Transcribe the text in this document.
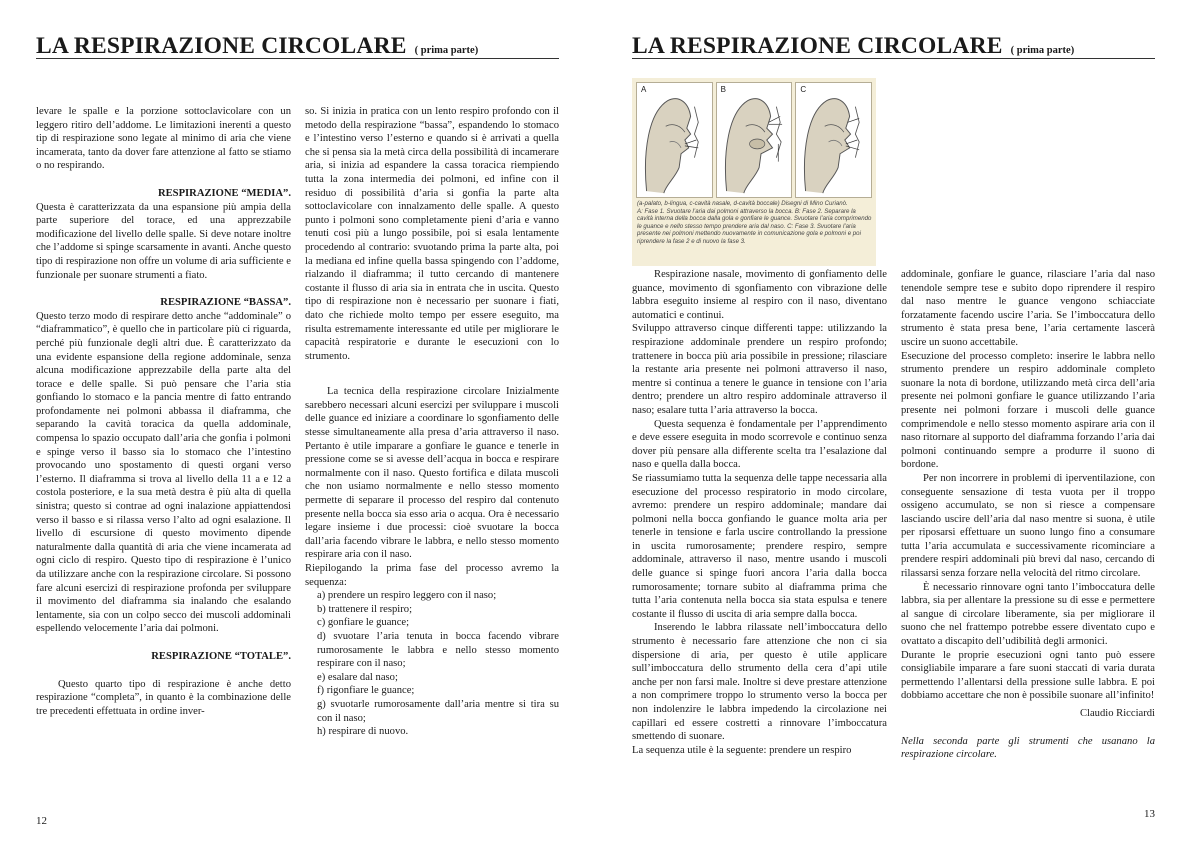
LA RESPIRAZIONE CIRCOLARE ( prima parte)

levare le spalle e la porzione sottoclavicolare con un leggero ritiro dell’addome. Le limitazioni inerenti a questo tip di respirazione sono legate al minimo di aria che viene incamerata, tanto da dover fare attenzione al fatto se stiamo o no respirando.

RESPIRAZIONE “MEDIA”.

Questa è caratterizzata da una espansione più ampia della parte superiore del torace, ed una apprezzabile modificazione del livello delle spalle. Si deve notare inoltre che l’addome si spinge scarsamente in avanti. Anche questo tipo di respirazione non offre un volume di aria sufficiente e funzionale per suonare strumenti a fiato.

RESPIRAZIONE “BASSA”.

Questo terzo modo di respirare detto anche “addominale” o “diaframmatico”, è quello che in particolare più ci riguarda, perché più funzionale degli altri due. È caratterizzato da una evidente espansione della regione addominale, senza alcuna modificazione apprezzabile della parte alta del torace e delle spalle. Si può pensare che l’aria stia gonfiando lo stomaco e la pancia mentre di fatto entrando profondamente nei polmoni abbassa il diaframma, che separando la cavità toracica da quella addominale, compensa lo spazio occupato dall’aria che gonfia i polmoni e spinge verso il basso sia lo stomaco che l’intestino provocando uno spostamento di questi organi verso l’esterno. Il diaframma si trova al livello della 11 a e 12 a costola posteriore, e la sua metà destra è più alta di quella sinistra; questo si contrae ad ogni inalazione appiattendosi verso il basso e si rilassa verso l’alto ad ogni esalazione. Il livello di escursione di questo movimento dipende naturalmente dalla quantità di aria che viene incamerata ad ogni ciclo di respiro. Questo tipo di respirazione è l’unico da utilizzare anche con la respirazione circolare. Si possono fare alcuni esercizi di respirazione profonda per sviluppare il movimento del diaframma sia inalando che esalando lentamente, sia con un colpo secco dei muscoli addominali espellendo velocemente l’aria dai polmoni.

RESPIRAZIONE “TOTALE”.

Questo quarto tipo di respirazione è anche detto respirazione “completa”, in quanto è la combinazione delle tre precedenti effettuata in ordine inver-

so. Si inizia in pratica con un lento respiro profondo con il metodo della respirazione “bassa”, espandendo lo stomaco e l’intestino verso l’esterno e quando si è arrivati a quella che si pensa sia la metà circa della possibilità di incamerare aria, si inizia ad espandere la cassa toracica riempiendo tutta la zona intermedia dei polmoni, ed infine con il residuo di possibilità d’aria si gonfia la parte alta sottoclavicolare con innalzamento delle spalle. A questo punto i polmoni sono completamente pieni d’aria e vanno tenuti così più a lungo possibile, poi si esala lentamente procedendo al contrario: svuotando prima la parte alta, poi la mediana ed infine quella bassa spingendo con l’addome, rialzando il diaframma; il tutto cercando di mantenere costante il flusso di aria sia in entrata che in uscita. Questo tipo di respirazione non è necessario per suonare i fiati, dato che richiede molto tempo per essere eseguito, ma risulta estremamente interessante ed utile per migliorare le capacità respiratorie e durante le esecuzioni con lo strumento.

La tecnica della respirazione circolare Inizialmente sarebbero necessari alcuni esercizi per sviluppare i muscoli delle guance ed iniziare a coordinare lo sgonfiamento delle stesse simultaneamente alla presa d’aria attraverso il naso. Pertanto è utile imparare a gonfiare le guance e tenerle in pressione come se si avesse dell’acqua in bocca e respirare normalmente con il naso. Questo fortifica e dilata muscoli che non usiamo normalmente e nello stesso momento permette di separare il processo del respiro dal contenuto presente nella bocca sia esso aria o acqua. Ora è necessario legare insieme i due processi: cioè svuotare la bocca dall’aria facendo vibrare le labbra, e nello stesso momento respirare aria con il naso.

Riepilogando la prima fase del processo avremo la sequenza:

a) prendere un respiro leggero con il naso;

b) trattenere il respiro;

c) gonfiare le guance;

d) svuotare l’aria tenuta in bocca facendo vibrare rumorosamente le labbra e nello stesso momento respirare con il naso;

e) esalare dal naso;

f) rigonfiare le guance;

g) svuotarle rumorosamente dall’aria mentre si tira su con il naso;

h) respirare di nuovo.

12
LA RESPIRAZIONE CIRCOLARE ( prima parte)
A	B	C
(a-palato, b-lingua, c-cavità nasale, d-cavità boccale) Disegni di Mino Curianò.
A: Fase 1. Svuotare l’aria dai polmoni attraverso la bocca. B: Fase 2. Separare la cavità interna della bocca dalla gola e gonfiare le guance. Svuotare l’aria comprimendo le guance e nello stesso tempo prendere aria dal naso. C: Fase 3. Svuotare l’aria presente nei polmoni mettendo nuovamente in comunicazione gola e polmoni e poi riprendere la fase 2 e di nuovo la fase 3.

Respirazione nasale, movimento di gonfiamento delle guance, movimento di sgonfiamento con vibrazione delle labbra eseguito insieme al respiro con il naso, diventano automatici e continui.

Sviluppo attraverso cinque differenti tappe: utilizzando la respirazione addominale prendere un respiro profondo; trattenere in bocca più aria possibile in pressione; rilasciare la restante aria presente nei polmoni attraverso il naso, mentre si continua a tenere le guance in tensione con l’aria dentro; prendere un altro respiro addominale attraverso il naso; esalare tutta l’aria attraverso la bocca.

Questa sequenza è fondamentale per l’apprendimento e deve essere eseguita in modo scorrevole e continuo senza dover più pensare alla differente scelta tra l’esalazione dal naso e quella dalla bocca.

Se riassumiamo tutta la sequenza delle tappe necessaria alla esecuzione del processo respiratorio in modo circolare, avremo: prendere un respiro addominale; mandare dai polmoni nella bocca gonfiando le guance molta aria per tenerle in tensione e farla uscire controllando la pressione in uscita rumorosamente; prendere respiro, sempre addominale, attraverso il naso, mentre usando i muscoli delle guance si spinge fuori ancora l’aria dalla bocca rumorosamente; tornare subito al diaframma prima che tutta l’aria contenuta nella bocca sia stata espulsa e tenere costante il flusso di uscita di aria sempre dalla bocca.

Inserendo le labbra rilassate nell’imboccatura dello strumento è necessario fare attenzione che non ci sia dispersione di aria, per questo è utile applicare sull’imboccatura dello strumento della cera d’api utile anche per non farsi male. Inoltre si deve prestare attenzione a non comprimere troppo lo strumento verso la bocca per non indolenzire le labbra impedendo la circolazione nei capillari ed essere costretti a rinnovare l’imboccatura smettendo di suonare.

La sequenza utile è la seguente: prendere un respiro

addominale, gonfiare le guance, rilasciare l’aria dal naso tenendole sempre tese e subito dopo riprendere il respiro dal naso mentre le guance vengono schiacciate forzatamente facendo uscire l’aria. Se l’imboccatura dello strumento è stata presa bene, l’aria certamente lascerà uscire un suono accettabile.

Esecuzione del processo completo: inserire le labbra nello strumento prendere un respiro addominale completo suonare la nota di bordone, utilizzando metà circa dell’aria presente nei polmoni gonfiare le guance utilizzando l’aria presente nei polmoni forzare i muscoli delle guance comprimendole e nello stesso momento aspirare aria con il naso ritornare al supporto del diaframma forzando l’aria dai polmoni continuando sempre a produrre il suono di bordone.

Per non incorrere in problemi di iperventilazione, con conseguente sensazione di testa vuota per il troppo ossigeno accumulato, se non si riesce a compensare lasciando uscire dell’aria dal naso mentre si suona, è utile per riposarsi effettuare un suono lungo fino a consumare tutta l’aria accumulata e successivamente ricominciare a prendere respiri addominali più brevi dal naso, cercando di rilassarsi senza forzare nella velocità del ritmo circolare.

È necessario rinnovare ogni tanto l’imboccatura delle labbra, sia per allentare la pressione su di esse e permettere al sangue di circolare liberamente, sia per migliorare il suono che nel frattempo potrebbe essere diventato cupo e ovattato a discapito dell’udibilità degli armonici.

Durante le proprie esecuzioni ogni tanto può essere consigliabile imparare a fare suoni staccati di varia durata permettendo l’allentarsi della pressione sulle labbra. E poi dobbiamo accettare che non è possibile suonare all’infinito!

Claudio Ricciardi

Nella seconda parte gli strumenti che usanano la respirazione circolare.

13
